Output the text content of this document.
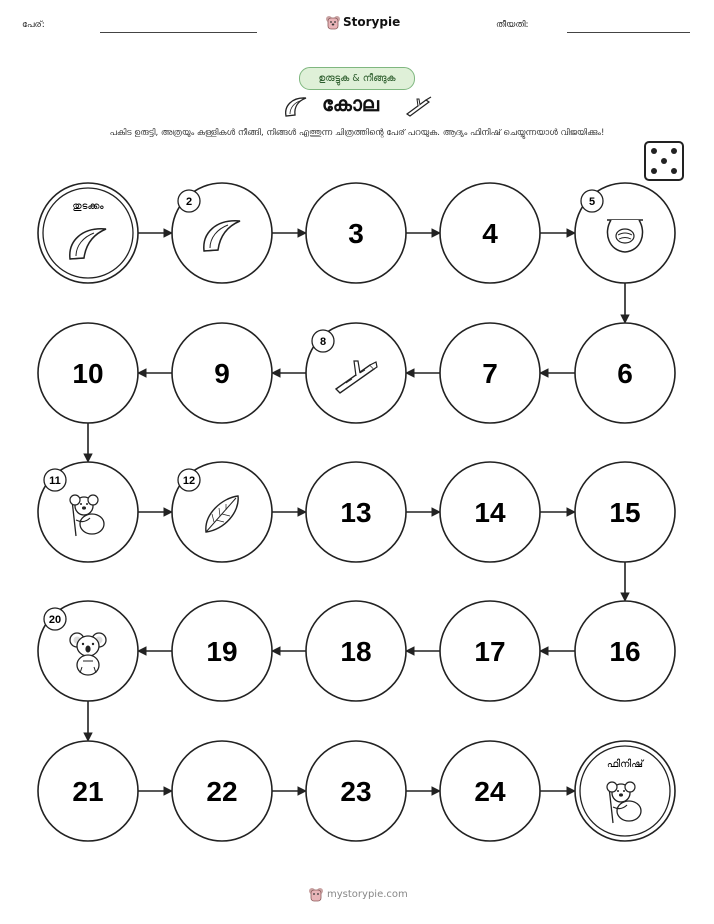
പേര്:	Storypie	തീയതി:
ഉരുട്ടുക & നീങ്ങുക
കോല
പകിട ഉരുട്ടി, അത്രയും കള്ളികൾ നീങ്ങി, നിങ്ങൾ എത്തുന്ന ചിത്രത്തിന്റെ പേര് പറയുക. ആദ്യം ഫിനിഷ് ചെയ്യുന്നയാൾ വിജയിക്കും!
തുടക്കം	2
3	4
5
6
7
8
9
10
11	12
13	14	15
16
17
18
19
20
21	22	23	24
ഫിനിഷ്
mystorypie.com
